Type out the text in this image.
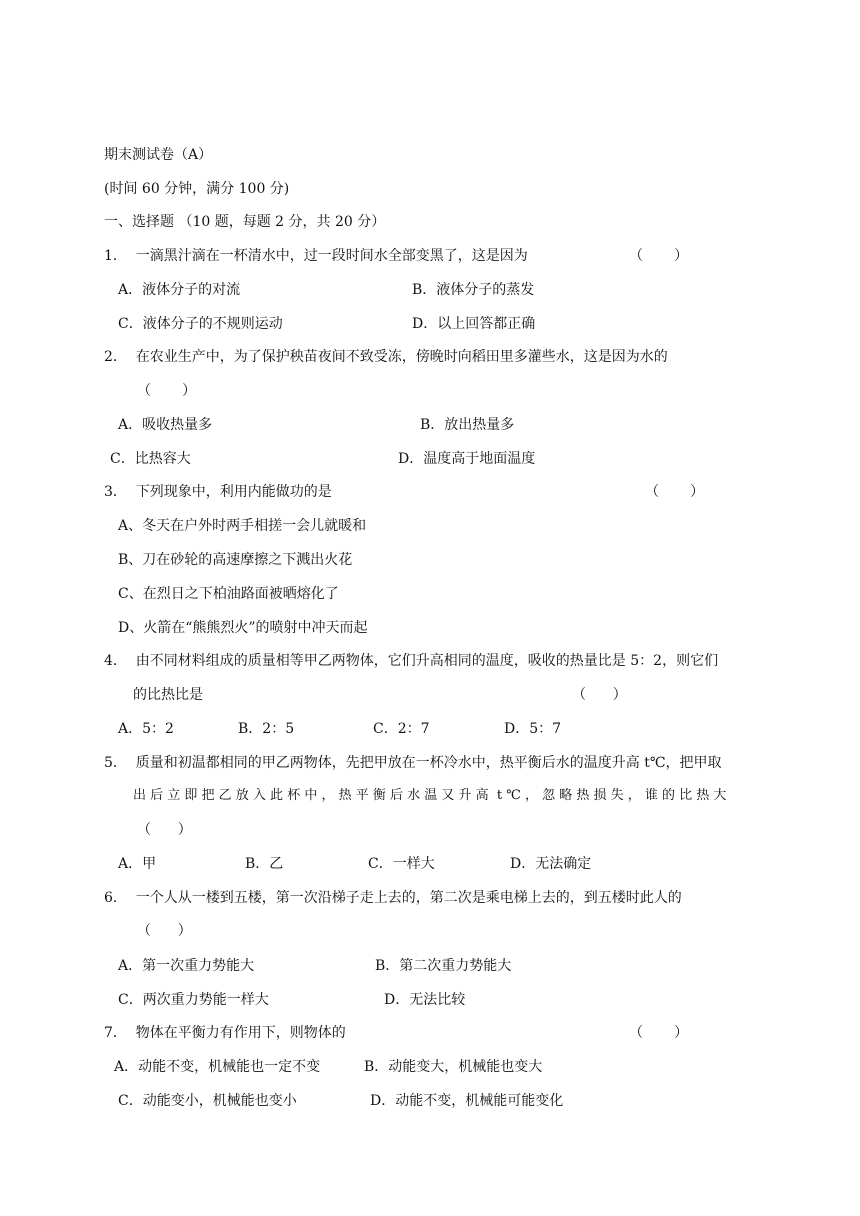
期末测试卷（A）
(时间 60 分钟，满分 100 分)
一、选择题 （10 题，每题 2 分，共 20 分）
1．  一滴黑汁滴在一杯清水中，过一段时间水全部变黑了，这是因为	（       ）
A．液体分子的对流	B．液体分子的蒸发
C．液体分子的不规则运动	D．以上回答都正确
2．  在农业生产中，为了保护秧苗夜间不致受冻，傍晚时向稻田里多灌些水，这是因为水的
（       ）
A．吸收热量多	B．放出热量多
C．比热容大	D．温度高于地面温度
3．  下列现象中，利用内能做功的是	（       ）
A、冬天在户外时两手相搓一会儿就暖和
B、刀在砂轮的高速摩擦之下溅出火花
C、在烈日之下柏油路面被晒熔化了
D、火箭在“熊熊烈火”的喷射中冲天而起
4．  由不同材料组成的质量相等甲乙两物体，它们升高相同的温度，吸收的热量比是 5：2，则它们
的比热比是	（      ）
A．5：2	B．2：5	C．2：7	D．5：7
5．  质量和初温都相同的甲乙两物体，先把甲放在一杯冷水中，热平衡后水的温度升高 t℃，把甲取
出 后 立 即 把 乙 放 入 此 杯 中 ， 热 平 衡 后 水 温 又 升 高  t ℃ ， 忽 略 热 损 失 ， 谁 的 比 热 大
（      ）
A．甲	B．乙	C．一样大	D．无法确定
6．  一个人从一楼到五楼，第一次沿梯子走上去的，第二次是乘电梯上去的，到五楼时此人的
（      ）
A．第一次重力势能大	B．第二次重力势能大
C．两次重力势能一样大	D．无法比较
7．  物体在平衡力有作用下，则物体的	（       ）
A．动能不变，机械能也一定不变	B．动能变大，机械能也变大
C．动能变小，机械能也变小	D．动能不变，机械能可能变化
